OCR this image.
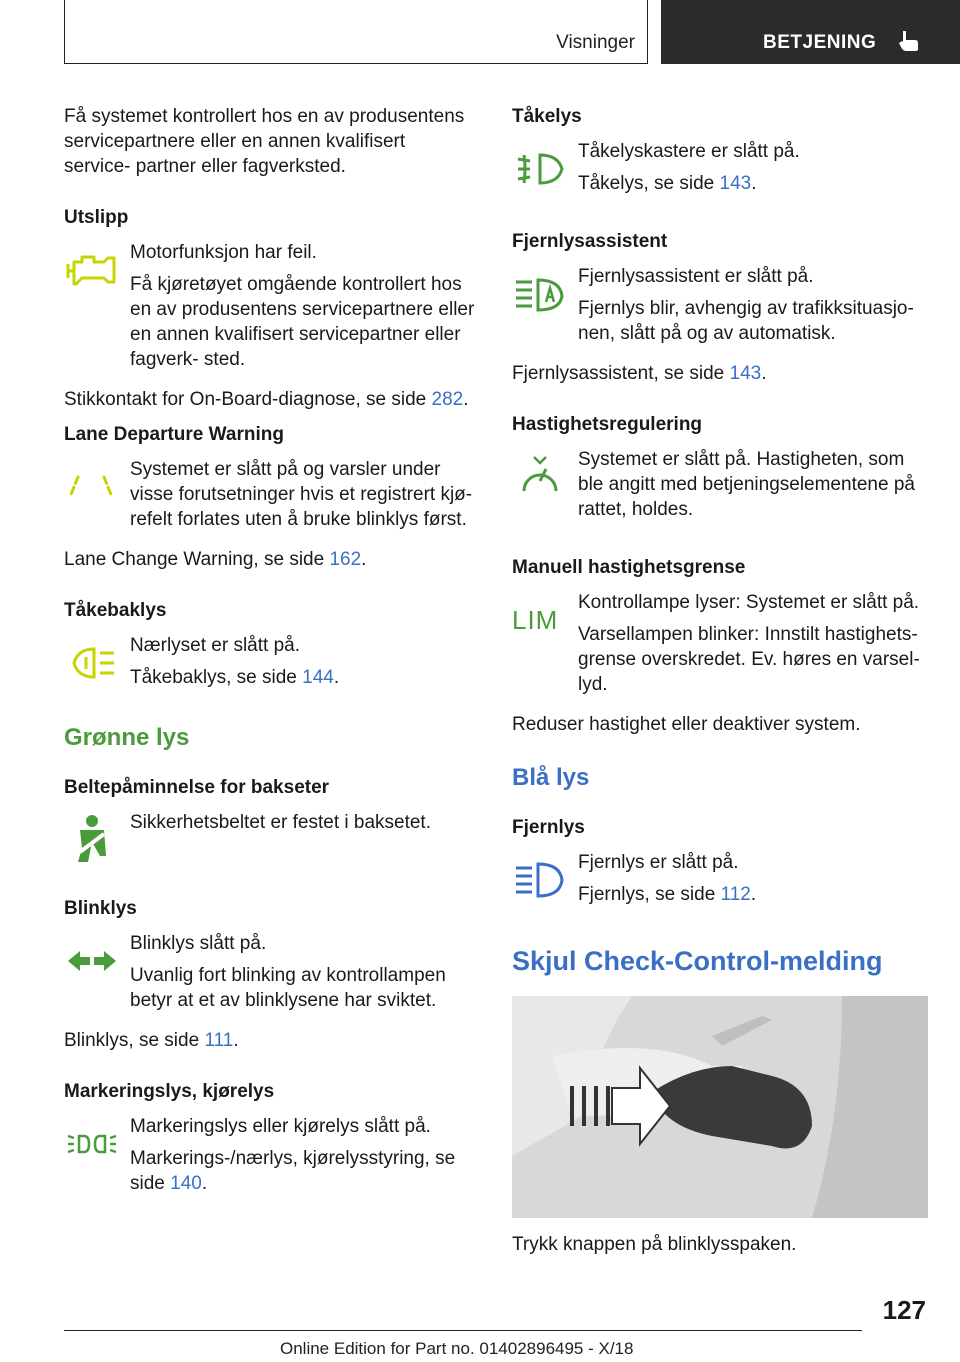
Visninger	BETJENING

Få systemet kontrollert hos en av produsentens servicepartnere eller en annen kvalifisert service- partner eller fagverksted.

Utslipp

Motorfunksjon har feil.

Få kjøretøyet omgående kontrollert hos en av produsentens servicepartnere eller en annen kvalifisert servicepartner eller fagverk- sted.

Stikkontakt for On-Board-diagnose, se side 282.

Lane Departure Warning

Systemet er slått på og varsler under visse forutsetninger hvis et registrert kjø- refelt forlates uten å bruke blinklys først.

Lane Change Warning, se side 162.

Tåkebaklys

Nærlyset er slått på.

Tåkebaklys, se side 144.

Grønne lys

Beltepåminnelse for bakseter

Sikkerhetsbeltet er festet i baksetet.

Blinklys

Blinklys slått på.

Uvanlig fort blinking av kontrollampen betyr at et av blinklysene har sviktet.

Blinklys, se side 111.

Markeringslys, kjørelys

Markeringslys eller kjørelys slått på.

Markerings-/nærlys, kjørelysstyring, se side 140.

Tåkelys

Tåkelyskastere er slått på.

Tåkelys, se side 143.

Fjernlysassistent

Fjernlysassistent er slått på.

Fjernlys blir, avhengig av trafikksituasjo- nen, slått på og av automatisk.

Fjernlysassistent, se side 143.

Hastighetsregulering

Systemet er slått på. Hastigheten, som ble angitt med betjeningselementene på rattet, holdes.

Manuell hastighetsgrense

LIM

Kontrollampe lyser: Systemet er slått på.

Varsellampen blinker: Innstilt hastighets- grense overskredet. Ev. høres en varsel- lyd.

Reduser hastighet eller deaktiver system.

Blå lys

Fjernlys

Fjernlys er slått på.

Fjernlys, se side 112.

Skjul Check-Control-melding

Trykk knappen på blinklysspaken.

127
Online Edition for Part no. 01402896495 - X/18
